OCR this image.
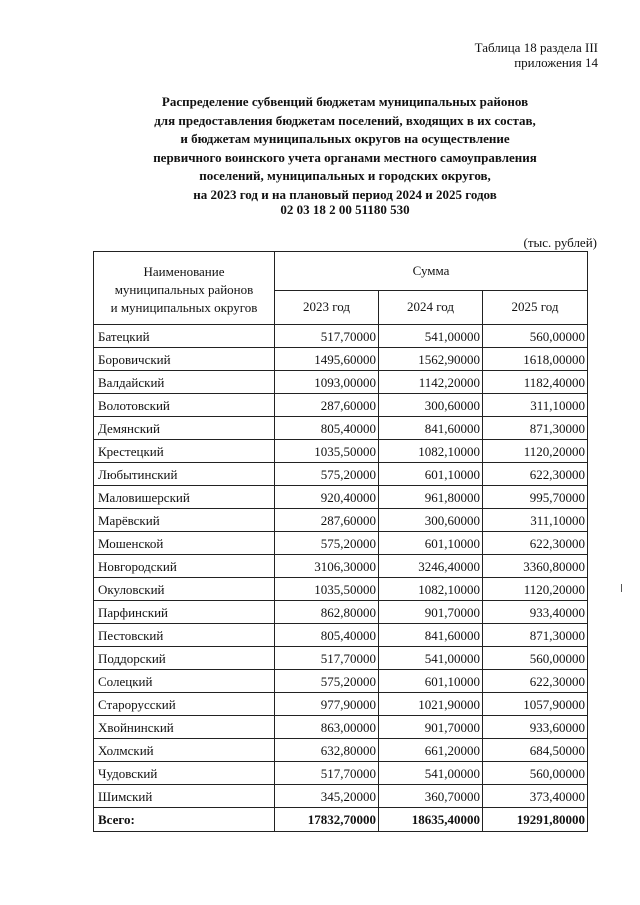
Таблица 18 раздела III
приложения 14
Распределение субвенций бюджетам муниципальных районов
для предоставления бюджетам поселений, входящих в их состав,
и бюджетам муниципальных округов на осуществление
первичного воинского учета органами местного самоуправления
поселений, муниципальных и городских округов,
на 2023 год и на плановый период 2024 и 2025 годов
02 03 18 2 00 51180 530
(тыс. рублей)
Наименование
муниципальных районов
и муниципальных округов	Сумма		
	2023 год	2024 год	2025 год
Батецкий	517,70000	541,00000	560,00000
Боровичский	1495,60000	1562,90000	1618,00000
Валдайский	1093,00000	1142,20000	1182,40000
Волотовский	287,60000	300,60000	311,10000
Демянский	805,40000	841,60000	871,30000
Крестецкий	1035,50000	1082,10000	1120,20000
Любытинский	575,20000	601,10000	622,30000
Маловишерский	920,40000	961,80000	995,70000
Марёвский	287,60000	300,60000	311,10000
Мошенской	575,20000	601,10000	622,30000
Новгородский	3106,30000	3246,40000	3360,80000
Окуловский	1035,50000	1082,10000	1120,20000
Парфинский	862,80000	901,70000	933,40000
Пестовский	805,40000	841,60000	871,30000
Поддорский	517,70000	541,00000	560,00000
Солецкий	575,20000	601,10000	622,30000
Старорусский	977,90000	1021,90000	1057,90000
Хвойнинский	863,00000	901,70000	933,60000
Холмский	632,80000	661,20000	684,50000
Чудовский	517,70000	541,00000	560,00000
Шимский	345,20000	360,70000	373,40000
Всего:	17832,70000	18635,40000	19291,80000
